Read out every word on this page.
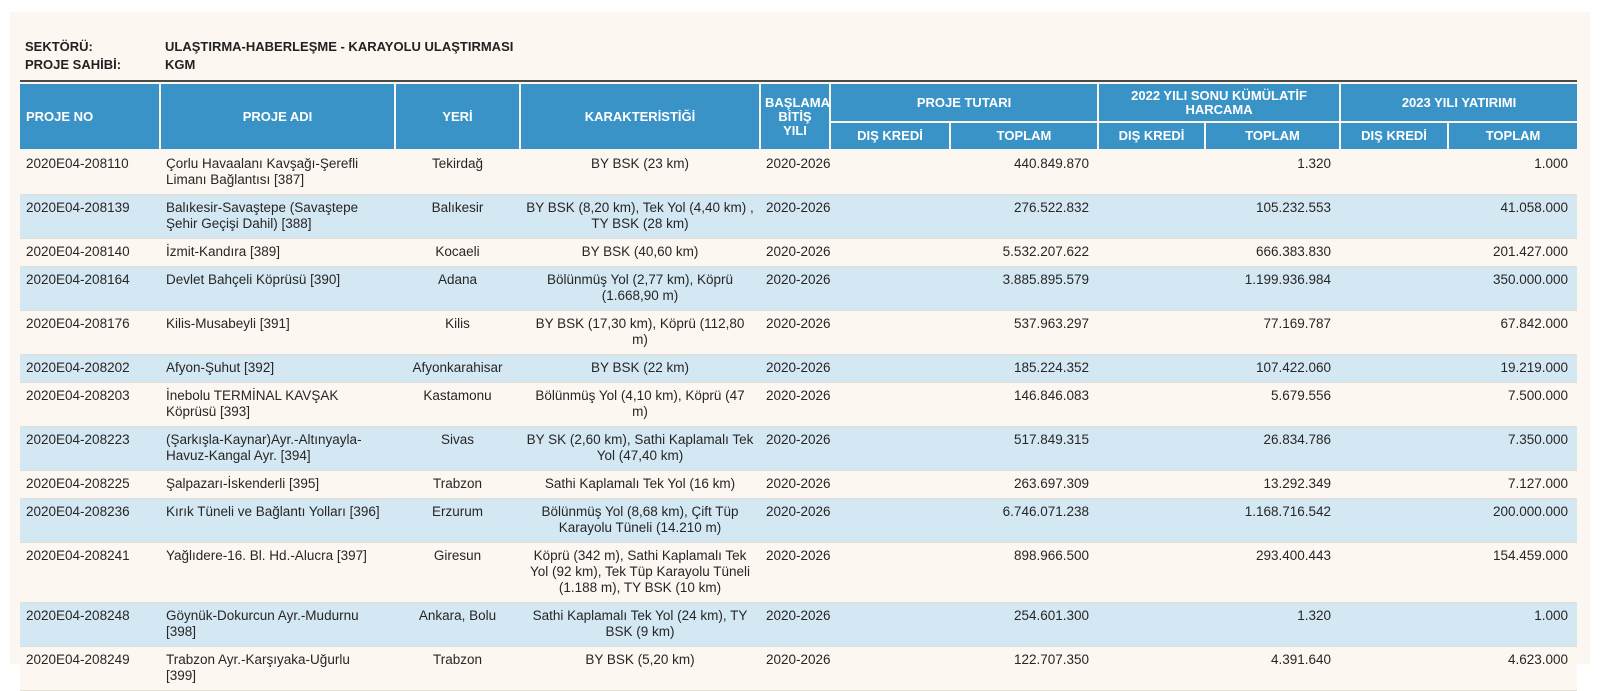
SEKTÖRÜ:	ULAŞTIRMA-HABERLEŞME - KARAYOLU ULAŞTIRMASI
PROJE SAHİBİ:	KGM
PROJE NO	PROJE ADI	YERİ	KARAKTERİSTİĞİ	BAŞLAMA BİTİŞ YILI	PROJE TUTARI		2022 YILI SONU KÜMÜLATİF HARCAMA		2023 YILI YATIRIMI	
					DIŞ KREDİ	TOPLAM	DIŞ KREDİ	TOPLAM	DIŞ KREDİ	TOPLAM
2020E04-208110	Çorlu Havaalanı Kavşağı-Şerefli Limanı Bağlantısı [387]	Tekirdağ	BY BSK (23 km)	2020-2026		440.849.870		1.320		1.000
2020E04-208139	Balıkesir-Savaştepe (Savaştepe Şehir Geçişi Dahil) [388]	Balıkesir	BY BSK (8,20 km), Tek Yol (4,40 km) , TY BSK (28 km)	2020-2026		276.522.832		105.232.553		41.058.000
2020E04-208140	İzmit-Kandıra [389]	Kocaeli	BY BSK (40,60 km)	2020-2026		5.532.207.622		666.383.830		201.427.000
2020E04-208164	Devlet Bahçeli Köprüsü [390]	Adana	Bölünmüş Yol (2,77 km), Köprü (1.668,90 m)	2020-2026		3.885.895.579		1.199.936.984		350.000.000
2020E04-208176	Kilis-Musabeyli [391]	Kilis	BY BSK (17,30 km), Köprü (112,80 m)	2020-2026		537.963.297		77.169.787		67.842.000
2020E04-208202	Afyon-Şuhut [392]	Afyonkarahisar	BY BSK (22 km)	2020-2026		185.224.352		107.422.060		19.219.000
2020E04-208203	İnebolu TERMİNAL KAVŞAK Köprüsü [393]	Kastamonu	Bölünmüş Yol (4,10 km), Köprü (47 m)	2020-2026		146.846.083		5.679.556		7.500.000
2020E04-208223	(Şarkışla-Kaynar)Ayr.-Altınyayla-Havuz-Kangal Ayr. [394]	Sivas	BY SK (2,60 km), Sathi Kaplamalı Tek Yol (47,40 km)	2020-2026		517.849.315		26.834.786		7.350.000
2020E04-208225	Şalpazarı-İskenderli [395]	Trabzon	Sathi Kaplamalı Tek Yol (16 km)	2020-2026		263.697.309		13.292.349		7.127.000
2020E04-208236	Kırık Tüneli ve Bağlantı Yolları [396]	Erzurum	Bölünmüş Yol (8,68 km), Çift Tüp Karayolu Tüneli (14.210 m)	2020-2026		6.746.071.238		1.168.716.542		200.000.000
2020E04-208241	Yağlıdere-16. Bl. Hd.-Alucra [397]	Giresun	Köprü (342 m), Sathi Kaplamalı Tek Yol (92 km), Tek Tüp Karayolu Tüneli (1.188 m), TY BSK (10 km)	2020-2026		898.966.500		293.400.443		154.459.000
2020E04-208248	Göynük-Dokurcun Ayr.-Mudurnu [398]	Ankara, Bolu	Sathi Kaplamalı Tek Yol (24 km), TY BSK (9 km)	2020-2026		254.601.300		1.320		1.000
2020E04-208249	Trabzon Ayr.-Karşıyaka-Uğurlu [399]	Trabzon	BY BSK (5,20 km)	2020-2026		122.707.350		4.391.640		4.623.000
